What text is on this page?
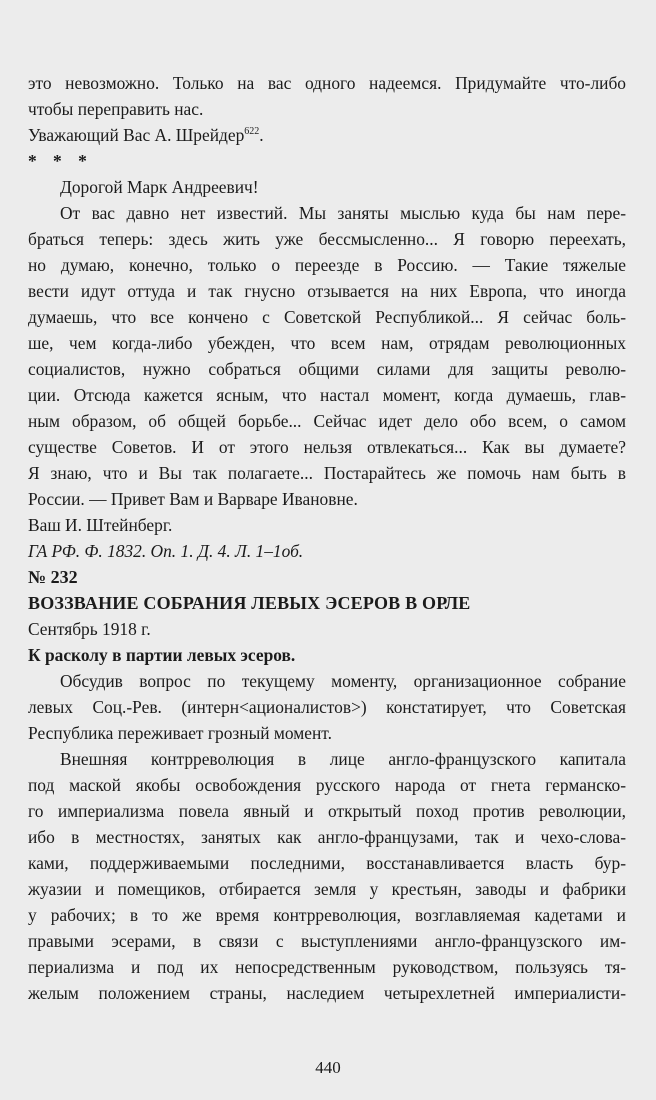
это невозможно. Только на вас одного надеемся. Придумайте что-либо
чтобы переправить нас.

Уважающий Вас А. Шрейдер$^{622}$.

* * *

Дорогой Марк Андреевич!

От вас давно нет известий. Мы заняты мыслью куда бы нам пере-
браться теперь: здесь жить уже бессмысленно... Я говорю переехать,
но думаю, конечно, только о переезде в Россию. — Такие тяжелые
вести идут оттуда и так гнусно отзывается на них Европа, что иногда
думаешь, что все кончено с Советской Республикой... Я сейчас боль-
ше, чем когда-либо убежден, что всем нам, отрядам революционных
социалистов, нужно собраться общими силами для защиты револю-
ции. Отсюда кажется ясным, что настал момент, когда думаешь, глав-
ным образом, об общей борьбе... Сейчас идет дело обо всем, о самом
существе Советов. И от этого нельзя отвлекаться... Как вы думаете?
Я знаю, что и Вы так полагаете... Постарайтесь же помочь нам быть в
России. — Привет Вам и Варваре Ивановне.

Ваш И. Штейнберг.

ГА РФ. Ф. 1832. Оп. 1. Д. 4. Л. 1–1об.

№ 232

ВОЗЗВАНИЕ СОБРАНИЯ ЛЕВЫХ ЭСЕРОВ В ОРЛЕ

Сентябрь 1918 г.

К расколу в партии левых эсеров.

Обсудив вопрос по текущему моменту, организационное собрание
левых Соц.-Рев. (интерн<ационалистов>) констатирует, что Советская
Республика переживает грозный момент.

Внешняя контрреволюция в лице англо-французского капитала
под маской якобы освобождения русского народа от гнета германско-
го империализма повела явный и открытый поход против революции,
ибо в местностях, занятых как англо-французами, так и чехо-слова-
ками, поддерживаемыми последними, восстанавливается власть бур-
жуазии и помещиков, отбирается земля у крестьян, заводы и фабрики
у рабочих; в то же время контрреволюция, возглавляемая кадетами и
правыми эсерами, в связи с выступлениями англо-французского им-
периализма и под их непосредственным руководством, пользуясь тя-
желым положением страны, наследием четырехлетней империалисти-

440
